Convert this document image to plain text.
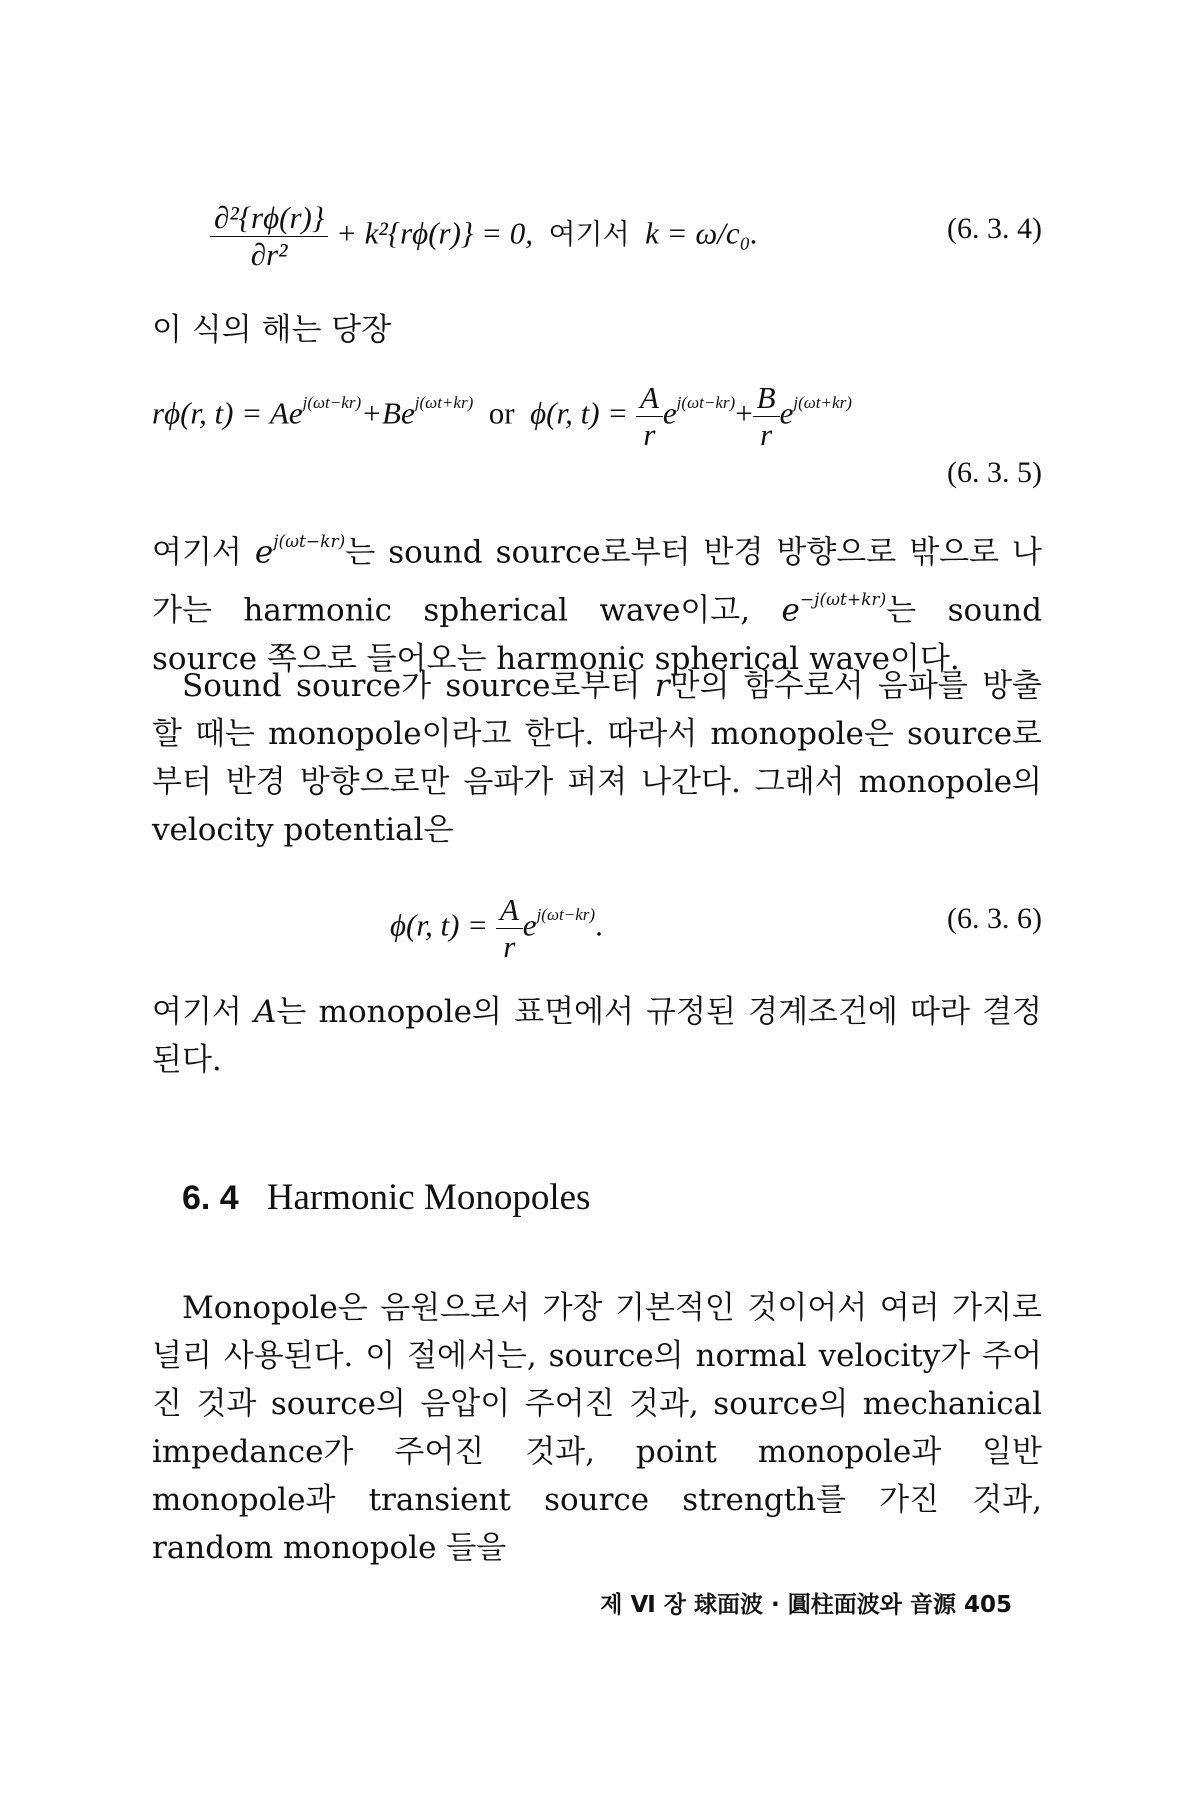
$\frac{\text{∂²\{rϕ(r)\}}}{\text{∂r²}} + k^2\{r\phi(r)\} = 0$, 여기서 k = ω/c₀.	(6. 3. 4)

이 식의 해는 당장

rϕ(r, $t) = Ae^{j(\omega t-kr)}+Be^{j(\omega t+kr)}$ or ϕ(r, $t) = \frac{A}{r} e^{j(\omega t-kr)}+ \frac{B}{r} e^{j(\omega t+kr)}$
(6. 3. 5)

여기서 $e^{j(\omega t-kr)}$는 sound source로부터 반경 방향으로 밖으로 나가는 harmonic spherical wave이고, $e^{-j(\omega t+kr)}$는 sound source 쪽으로 들어오는 harmonic spherical wave이다.

Sound source가 source로부터 r만의 함수로서 음파를 방출할 때는 monopole이라고 한다. 따라서 monopole은 source로부터 반경 방향으로만 음파가 퍼져 나간다. 그래서 monopole의 velocity potential은

ϕ(r, $t) = \frac{A}{r} e^{j(\omega t-kr)}$.	(6. 3. 6)

여기서 A는 monopole의 표면에서 규정된 경계조건에 따라 결정된다.

6. 4 Harmonic Monopoles

Monopole은 음원으로서 가장 기본적인 것이어서 여러 가지로 널리 사용된다. 이 절에서는, source의 normal velocity가 주어진 것과 source의 음압이 주어진 것과, source의 mechanical impedance가 주어진 것과, point monopole과 일반 monopole과 transient source strength를 가진 것과, random monopole 들을

제 Ⅵ 장 球面波 · 圓柱面波와 音源 405
